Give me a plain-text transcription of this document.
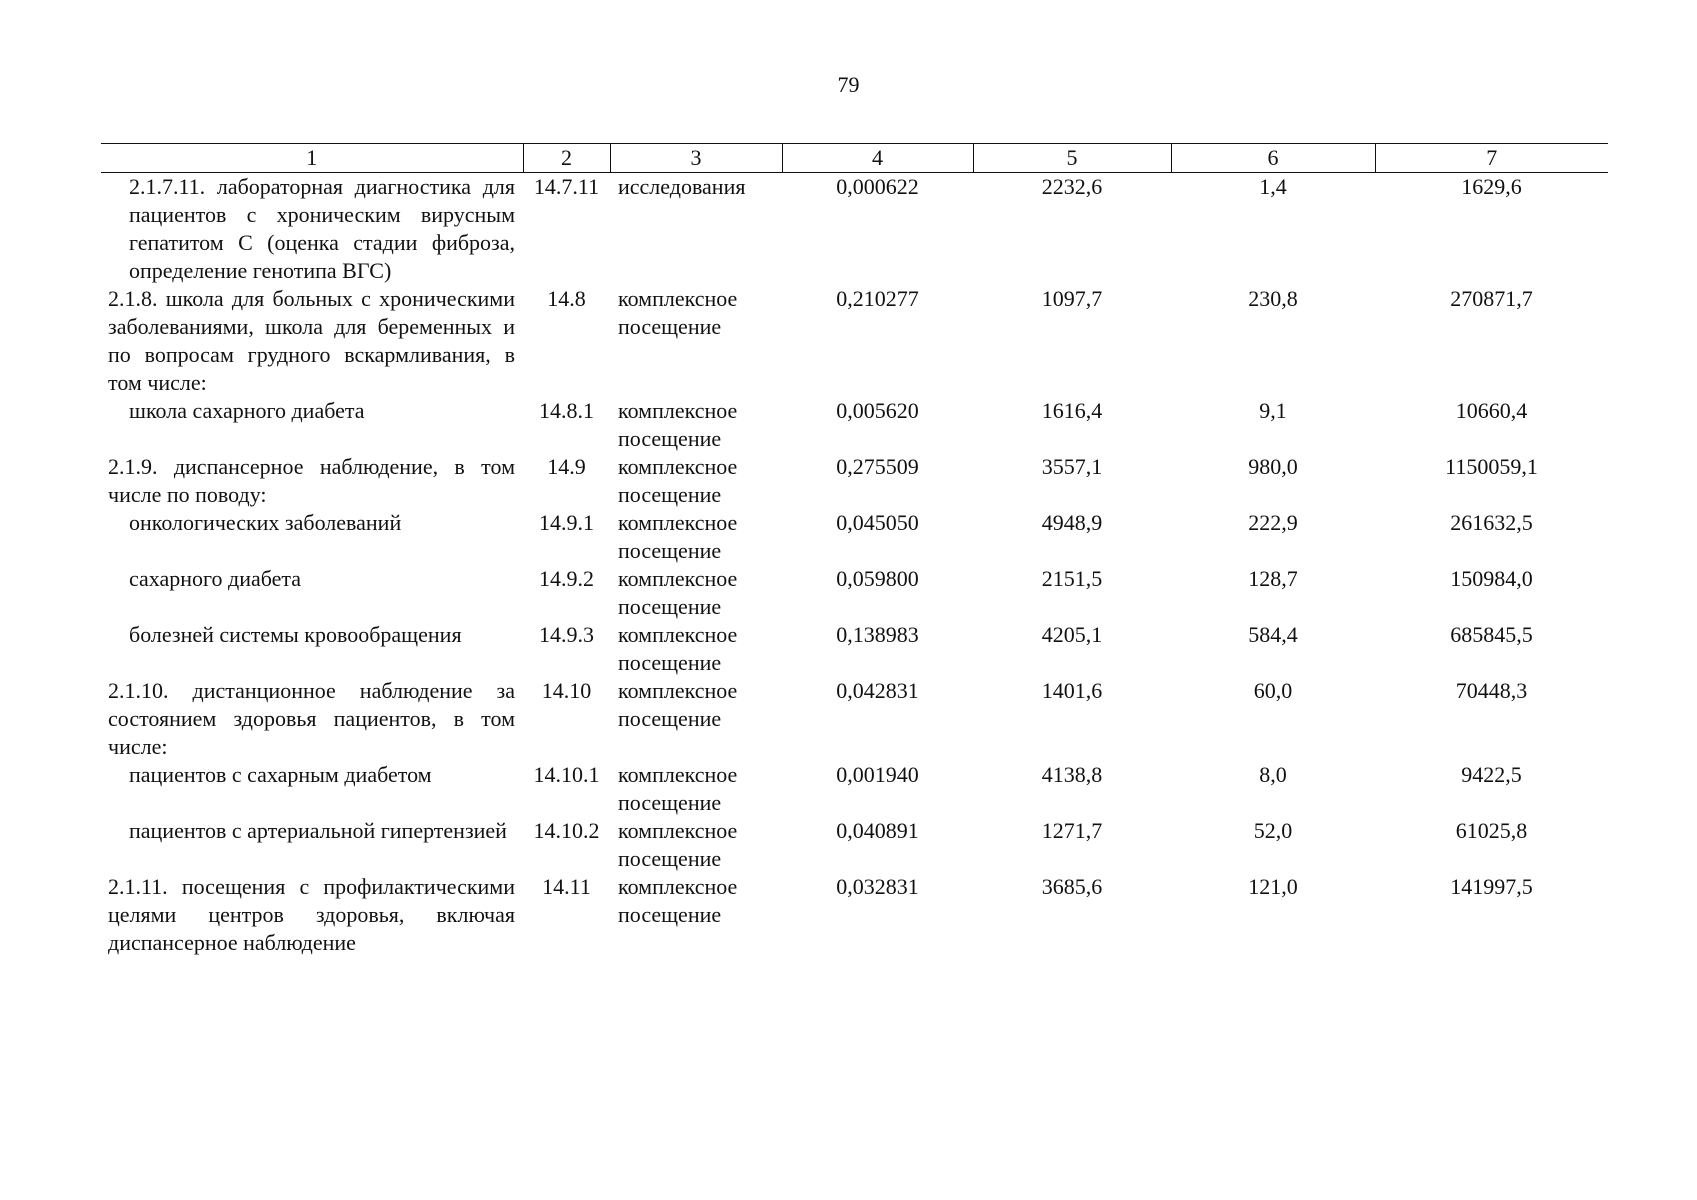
79
1	2	3	4	5	6	7
2.1.7.11. лабораторная диагностика для пациентов с хроническим вирусным гепатитом С (оценка стадии фиброза, определение генотипа ВГС)	14.7.11	исследования	0,000622	2232,6	1,4	1629,6
2.1.8. школа для больных с хроническими заболеваниями, школа для беременных и по вопросам грудного вскармливания, в том числе:	14.8	комплексное посещение	0,210277	1097,7	230,8	270871,7
школа сахарного диабета	14.8.1	комплексное посещение	0,005620	1616,4	9,1	10660,4
2.1.9. диспансерное наблюдение, в том числе по поводу:	14.9	комплексное посещение	0,275509	3557,1	980,0	1150059,1
онкологических заболеваний	14.9.1	комплексное посещение	0,045050	4948,9	222,9	261632,5
сахарного диабета	14.9.2	комплексное посещение	0,059800	2151,5	128,7	150984,0
болезней системы кровообращения	14.9.3	комплексное посещение	0,138983	4205,1	584,4	685845,5
2.1.10. дистанционное наблюдение за состоянием здоровья пациентов, в том числе:	14.10	комплексное посещение	0,042831	1401,6	60,0	70448,3
пациентов с сахарным диабетом	14.10.1	комплексное посещение	0,001940	4138,8	8,0	9422,5
пациентов с артериальной гипертензией	14.10.2	комплексное посещение	0,040891	1271,7	52,0	61025,8
2.1.11. посещения с профилактическими целями центров здоровья, включая диспансерное наблюдение	14.11	комплексное посещение	0,032831	3685,6	121,0	141997,5
